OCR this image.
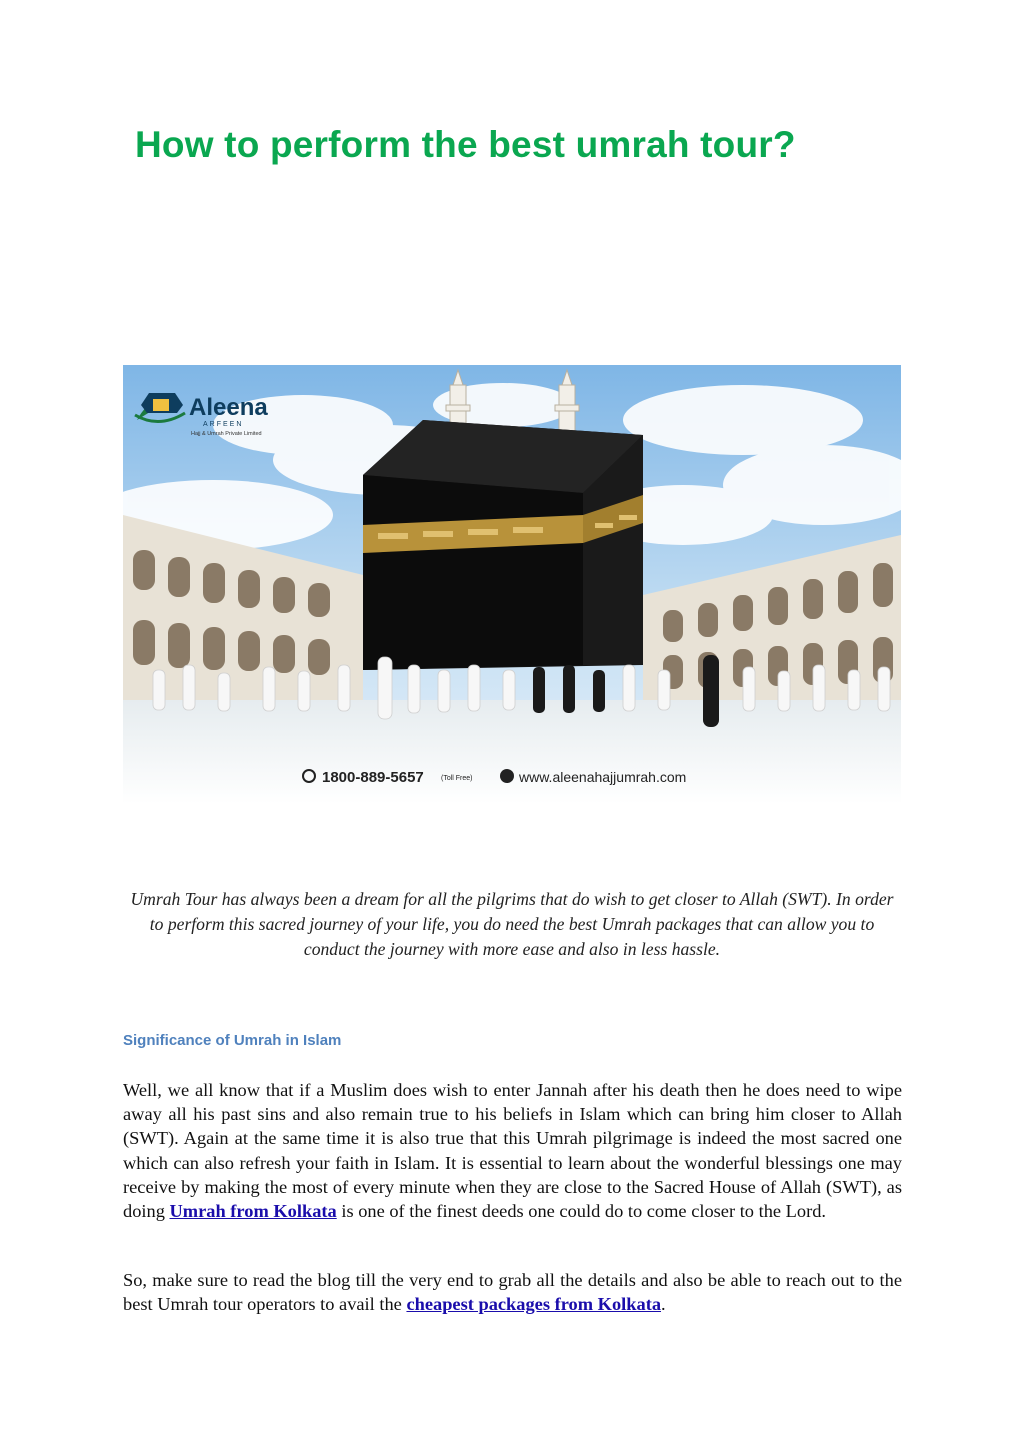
How to perform the best umrah tour?
Aleena
ARFEEN
Hajj & Umrah Private Limited
1800-889-5657 (Toll Free)	www.aleenahajjumrah.com

Umrah Tour has always been a dream for all the pilgrims that do wish to get closer to Allah (SWT). In order to perform this sacred journey of your life, you do need the best Umrah packages that can allow you to conduct the journey with more ease and also in less hassle.

Significance of Umrah in Islam

Well, we all know that if a Muslim does wish to enter Jannah after his death then he does need to wipe away all his past sins and also remain true to his beliefs in Islam which can bring him closer to Allah (SWT). Again at the same time it is also true that this Umrah pilgrimage is indeed the most sacred one which can also refresh your faith in Islam. It is essential to learn about the wonderful blessings one may receive by making the most of every minute when they are close to the Sacred House of Allah (SWT), as doing Umrah from Kolkata is one of the finest deeds one could do to come closer to the Lord.

So, make sure to read the blog till the very end to grab all the details and also be able to reach out to the best Umrah tour operators to avail the cheapest packages from Kolkata.
